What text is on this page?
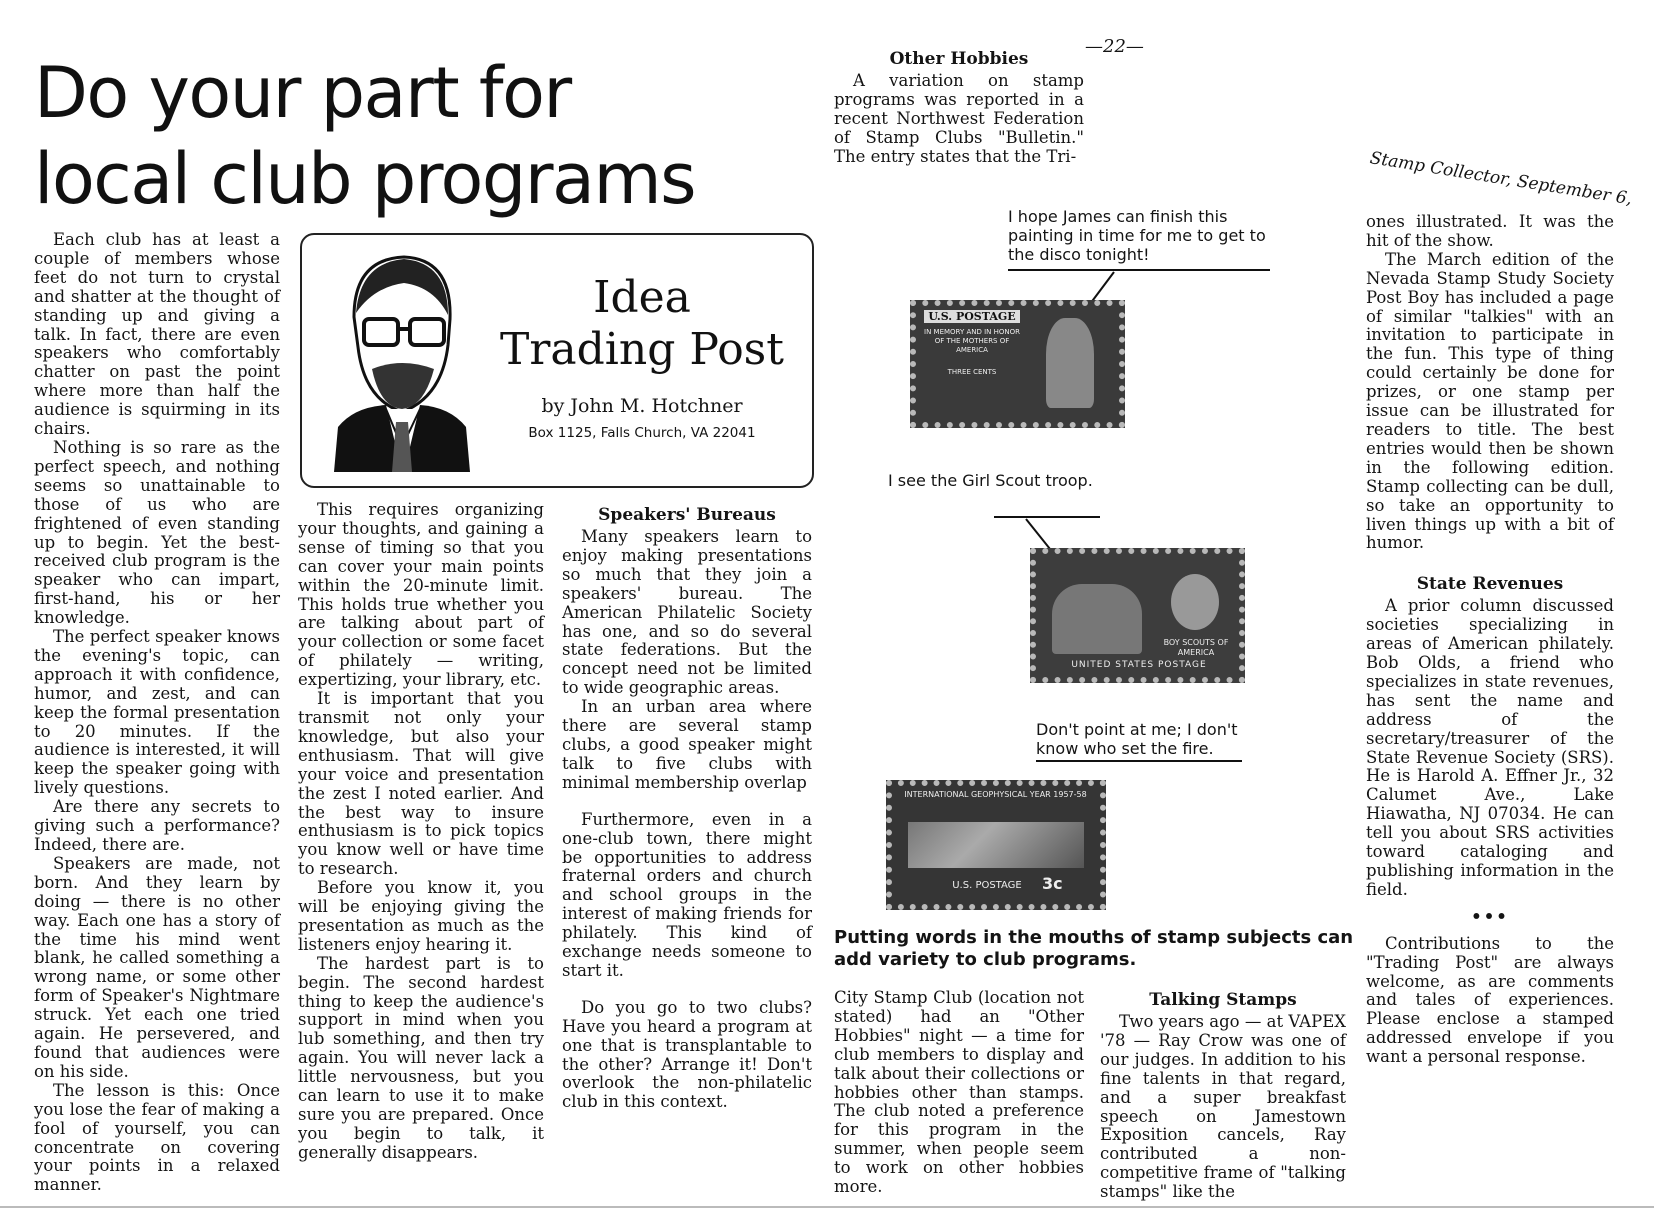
—22—
Stamp Collector, September 6,
Do your part for
local club programs
Idea
Trading Post
by John M. Hotchner
Box 1125, Falls Church, VA 22041

Each club has at least a couple of members whose feet do not turn to crystal and shatter at the thought of standing up and giving a talk. In fact, there are even speakers who comfortably chatter on past the point where more than half the audience is squirming in its chairs.

Nothing is so rare as the perfect speech, and nothing seems so unattainable to those of us who are frightened of even standing up to begin. Yet the best-received club program is the speaker who can impart, first-hand, his or her knowledge.

The perfect speaker knows the evening's topic, can approach it with confidence, humor, and zest, and can keep the formal presentation to 20 minutes. If the audience is interested, it will keep the speaker going with lively questions.

Are there any secrets to giving such a performance? Indeed, there are.

Speakers are made, not born. And they learn by doing — there is no other way. Each one has a story of the time his mind went blank, he called something a wrong name, or some other form of Speaker's Nightmare struck. Yet each one tried again. He persevered, and found that audiences were on his side.

The lesson is this: Once you lose the fear of making a fool of yourself, you can concentrate on covering your points in a relaxed manner.

This requires organizing your thoughts, and gaining a sense of timing so that you can cover your main points within the 20-minute limit. This holds true whether you are talking about part of your collection or some facet of philately — writing, expertizing, your library, etc.

It is important that you transmit not only your knowledge, but also your enthusiasm. That will give your voice and presentation the zest I noted earlier. And the best way to insure enthusiasm is to pick topics you know well or have time to research.

Before you know it, you will be enjoying giving the presentation as much as the listeners enjoy hearing it.

The hardest part is to begin. The second hardest thing to keep the audience's support in mind when you lub something, and then try again. You will never lack a little nervousness, but you can learn to use it to make sure you are prepared. Once you begin to talk, it generally disappears.

Speakers' Bureaus

Many speakers learn to enjoy making presentations so much that they join a speakers' bureau. The American Philatelic Society has one, and so do several state federations. But the concept need not be limited to wide geographic areas.

In an urban area where there are several stamp clubs, a good speaker might talk to five clubs with minimal membership overlap

Furthermore, even in a one-club town, there might be opportunities to address fraternal orders and church and school groups in the interest of making friends for philately. This kind of exchange needs someone to start it.

Do you go to two clubs? Have you heard a program at one that is transplantable to the other? Arrange it! Don't overlook the non-philatelic club in this context.

Other Hobbies

A variation on stamp programs was reported in a recent Northwest Federation of Stamp Clubs "Bulletin." The entry states that the Tri-

I hope James can finish this painting in time for me to get to the disco tonight!
U.S. POSTAGE
IN MEMORY AND IN HONOR OF THE MOTHERS OF AMERICA
THREE CENTS
I see the Girl Scout troop.
BOY SCOUTS OF AMERICA
UNITED STATES POSTAGE
Don't point at me; I don't know who set the fire.
INTERNATIONAL GEOPHYSICAL YEAR 1957-58
U.S. POSTAGE	3c
Putting words in the mouths of stamp subjects can add variety to club programs.

City Stamp Club (location not stated) had an "Other Hobbies" night — a time for club members to display and talk about their collections or hobbies other than stamps. The club noted a preference for this program in the summer, when people seem to work on other hobbies more.

Talking Stamps

Two years ago — at VAPEX '78 — Ray Crow was one of our judges. In addition to his fine talents in that regard, and a super breakfast speech on Jamestown Exposition cancels, Ray contributed a non-competitive frame of "talking stamps" like the

ones illustrated. It was the hit of the show.

The March edition of the Nevada Stamp Study Society Post Boy has included a page of similar "talkies" with an invitation to participate in the fun. This type of thing could certainly be done for prizes, or one stamp per issue can be illustrated for readers to title. The best entries would then be shown in the following edition. Stamp collecting can be dull, so take an opportunity to liven things up with a bit of humor.

State Revenues

A prior column discussed societies specializing in areas of American philately. Bob Olds, a friend who specializes in state revenues, has sent the name and address of the secretary/treasurer of the State Revenue Society (SRS). He is Harold A. Effner Jr., 32 Calumet Ave., Lake Hiawatha, NJ 07034. He can tell you about SRS activities toward cataloging and publishing information in the field.

•••

Contributions to the "Trading Post" are always welcome, as are comments and tales of experiences. Please enclose a stamped addressed envelope if you want a personal response.
